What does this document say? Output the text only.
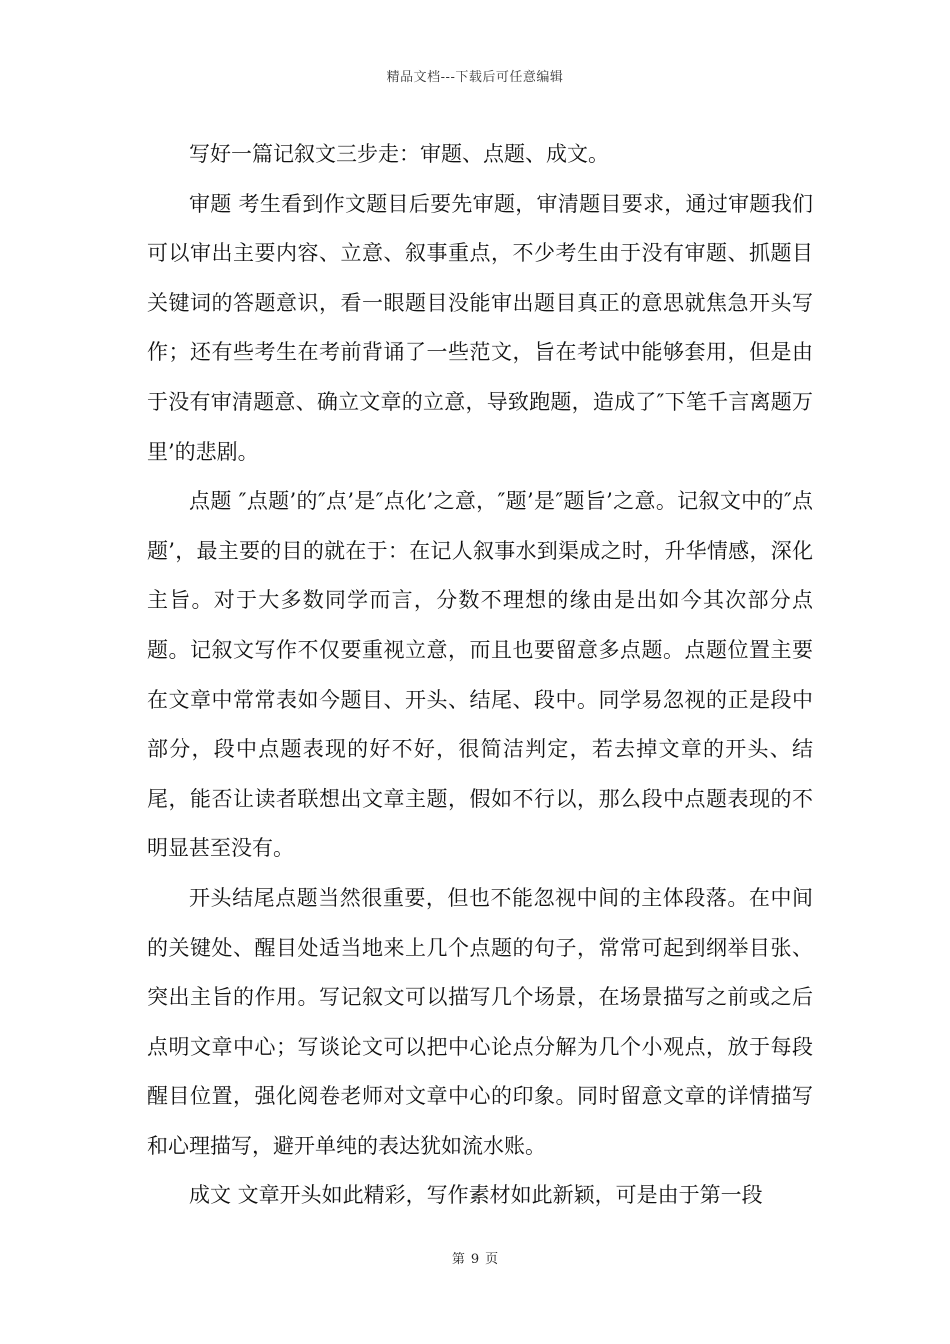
精品文档---下载后可任意编辑

写好一篇记叙文三步走：审题、点题、成文。

审题 考生看到作文题目后要先审题，审清题目要求，通过审题我们可以审出主要内容、立意、叙事重点，不少考生由于没有审题、抓题目关键词的答题意识，看一眼题目没能审出题目真正的意思就焦急开头写作；还有些考生在考前背诵了一些范文，旨在考试中能够套用，但是由于没有审清题意、确立文章的立意，导致跑题，造成了″下笔千言离题万里’的悲剧。

点题 ″点题’的″点’是″点化’之意，″题’是″题旨’之意。记叙文中的″点题’，最主要的目的就在于：在记人叙事水到渠成之时，升华情感，深化主旨。对于大多数同学而言，分数不理想的缘由是出如今其次部分点题。记叙文写作不仅要重视立意，而且也要留意多点题。点题位置主要在文章中常常表如今题目、开头、结尾、段中。同学易忽视的正是段中部分，段中点题表现的好不好，很简洁判定，若去掉文章的开头、结尾，能否让读者联想出文章主题，假如不行以，那么段中点题表现的不明显甚至没有。

开头结尾点题当然很重要，但也不能忽视中间的主体段落。在中间的关键处、醒目处适当地来上几个点题的句子，常常可起到纲举目张、突出主旨的作用。写记叙文可以描写几个场景，在场景描写之前或之后点明文章中心；写谈论文可以把中心论点分解为几个小观点，放于每段醒目位置，强化阅卷老师对文章中心的印象。同时留意文章的详情描写和心理描写，避开单纯的表达犹如流水账。

成文 文章开头如此精彩，写作素材如此新颖，可是由于第一段

第 9 页
